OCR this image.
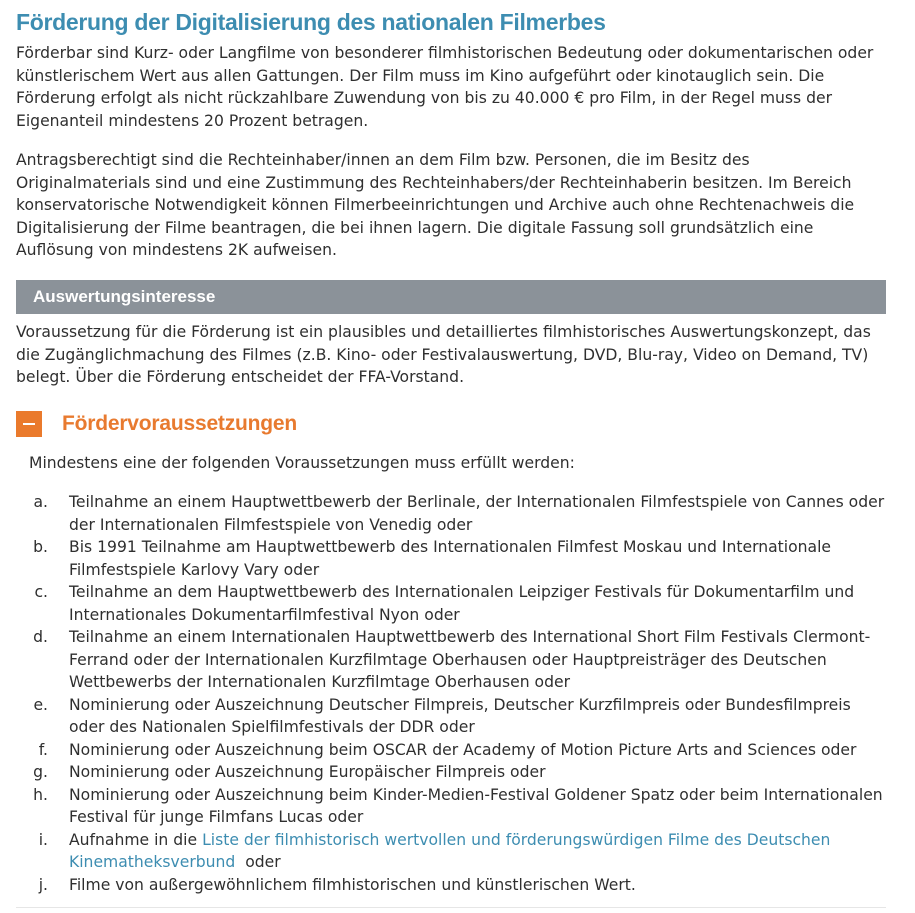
Förderung der Digitalisierung des nationalen Filmerbes

Förderbar sind Kurz- oder Langfilme von besonderer filmhistorischen Bedeutung oder dokumentarischen oder künstlerischem Wert aus allen Gattungen. Der Film muss im Kino aufgeführt oder kinotauglich sein. Die Förderung erfolgt als nicht rückzahlbare Zuwendung von bis zu 40.000 € pro Film, in der Regel muss der Eigenanteil mindestens 20 Prozent betragen.

Antragsberechtigt sind die Rechteinhaber/innen an dem Film bzw. Personen, die im Besitz des Originalmaterials sind und eine Zustimmung des Rechteinhabers/der Rechteinhaberin besitzen. Im Bereich konservatorische Notwendigkeit können Filmerbeeinrichtungen und Archive auch ohne Rechtenachweis die Digitalisierung der Filme beantragen, die bei ihnen lagern. Die digitale Fassung soll grundsätzlich eine Auflösung von mindestens 2K aufweisen.

Auswertungsinteresse

Voraussetzung für die Förderung ist ein plausibles und detailliertes filmhistorisches Auswertungskonzept, das die Zugänglichmachung des Filmes (z.B. Kino- oder Festivalauswertung, DVD, Blu-ray, Video on Demand, TV) belegt. Über die Förderung entscheidet der FFA-Vorstand.

Fördervoraussetzungen

Mindestens eine der folgenden Voraussetzungen muss erfüllt werden:

a. Teilnahme an einem Hauptwettbewerb der Berlinale, der Internationalen Filmfestspiele von Cannes oder der Internationalen Filmfestspiele von Venedig oder
b. Bis 1991 Teilnahme am Hauptwettbewerb des Internationalen Filmfest Moskau und Internationale Filmfestspiele Karlovy Vary oder
c. Teilnahme an dem Hauptwettbewerb des Internationalen Leipziger Festivals für Dokumentarfilm und Internationales Dokumentarfilmfestival Nyon oder
d. Teilnahme an einem Internationalen Hauptwettbewerb des International Short Film Festivals Clermont-Ferrand oder der Internationalen Kurzfilmtage Oberhausen oder Hauptpreisträger des Deutschen Wettbewerbs der Internationalen Kurzfilmtage Oberhausen oder
e. Nominierung oder Auszeichnung Deutscher Filmpreis, Deutscher Kurzfilmpreis oder Bundesfilmpreis oder des Nationalen Spielfilmfestivals der DDR oder
f. Nominierung oder Auszeichnung beim OSCAR der Academy of Motion Picture Arts and Sciences oder
g. Nominierung oder Auszeichnung Europäischer Filmpreis oder
h. Nominierung oder Auszeichnung beim Kinder-Medien-Festival Goldener Spatz oder beim Internationalen Festival für junge Filmfans Lucas oder
i. Aufnahme in die Liste der filmhistorisch wertvollen und förderungswürdigen Filme des Deutschen Kinematheksverbund  oder
j. Filme von außergewöhnlichem filmhistorischen und künstlerischen Wert.
